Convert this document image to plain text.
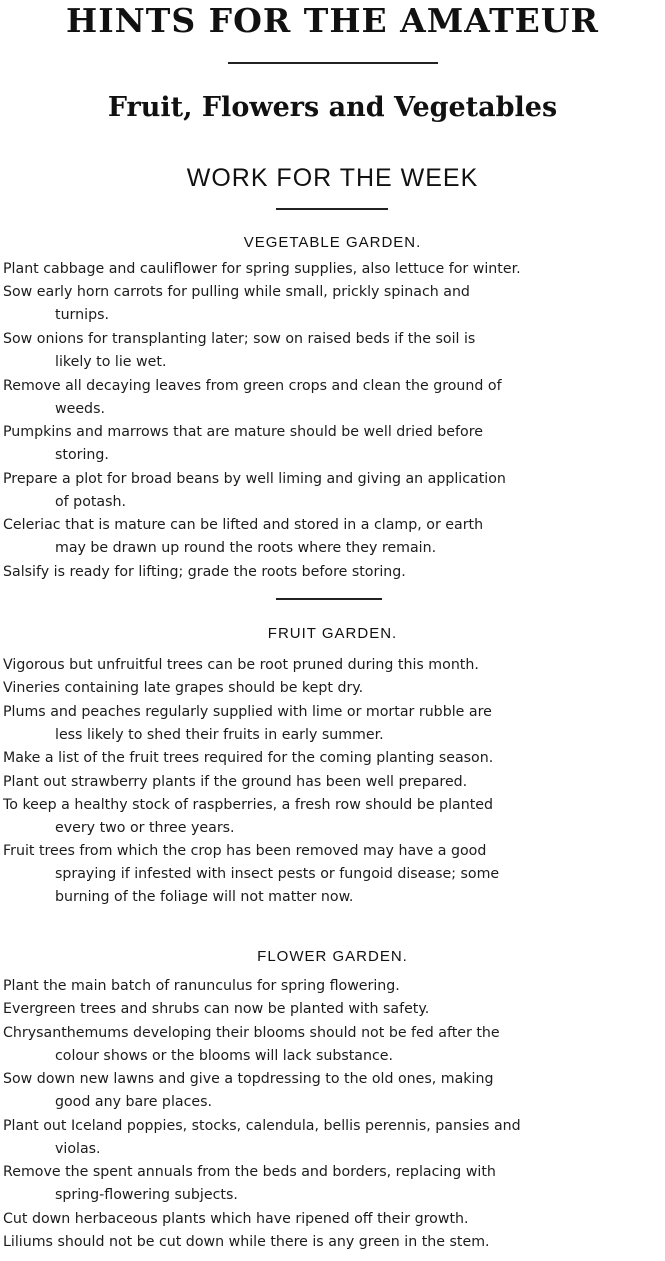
HINTS FOR THE AMATEUR
Fruit, Flowers and Vegetables
WORK FOR THE WEEK
VEGETABLE GARDEN.
Plant cabbage and cauliflower for spring supplies, also lettuce for winter.
Sow early horn carrots for pulling while small, prickly spinach and
turnips.
Sow onions for transplanting later; sow on raised beds if the soil is
likely to lie wet.
Remove all decaying leaves from green crops and clean the ground of
weeds.
Pumpkins and marrows that are mature should be well dried before
storing.
Prepare a plot for broad beans by well liming and giving an application
of potash.
Celeriac that is mature can be lifted and stored in a clamp, or earth
may be drawn up round the roots where they remain.
Salsify is ready for lifting; grade the roots before storing.
FRUIT GARDEN.
Vigorous but unfruitful trees can be root pruned during this month.
Vineries containing late grapes should be kept dry.
Plums and peaches regularly supplied with lime or mortar rubble are
less likely to shed their fruits in early summer.
Make a list of the fruit trees required for the coming planting season.
Plant out strawberry plants if the ground has been well prepared.
To keep a healthy stock of raspberries, a fresh row should be planted
every two or three years.
Fruit trees from which the crop has been removed may have a good
spraying if infested with insect pests or fungoid disease; some
burning of the foliage will not matter now.
FLOWER GARDEN.
Plant the main batch of ranunculus for spring flowering.
Evergreen trees and shrubs can now be planted with safety.
Chrysanthemums developing their blooms should not be fed after the
colour shows or the blooms will lack substance.
Sow down new lawns and give a topdressing to the old ones, making
good any bare places.
Plant out Iceland poppies, stocks, calendula, bellis perennis, pansies and
violas.
Remove the spent annuals from the beds and borders, replacing with
spring-flowering subjects.
Cut down herbaceous plants which have ripened off their growth.
Liliums should not be cut down while there is any green in the stem.
